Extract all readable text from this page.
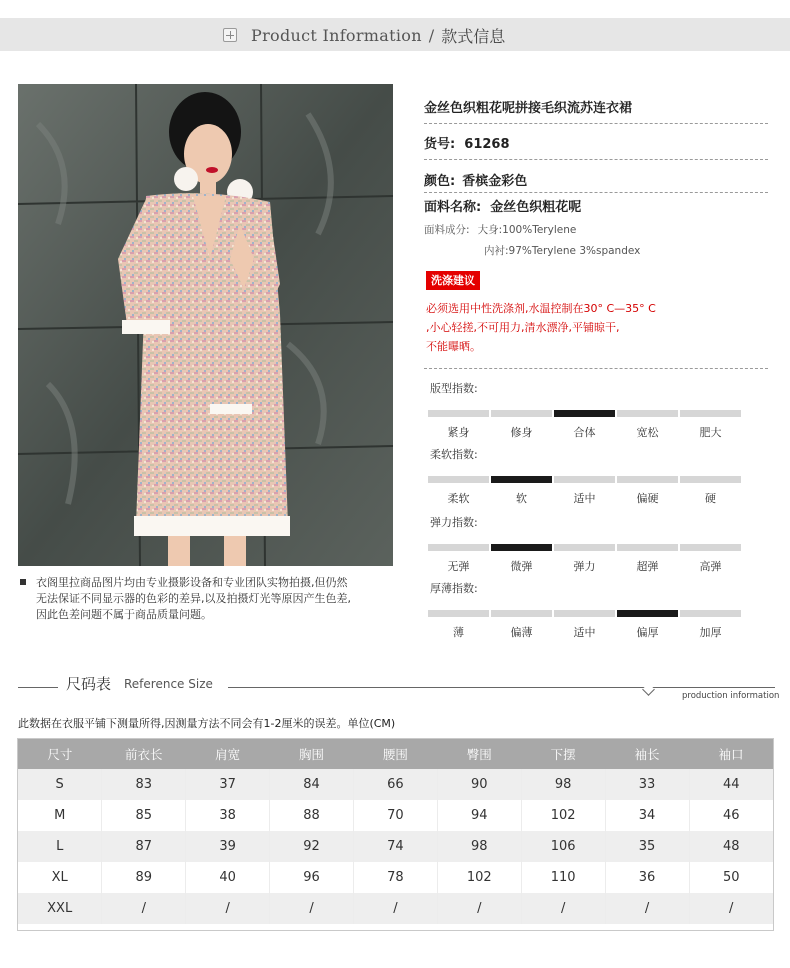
Product Information / 款式信息
衣阁里拉商品图片均由专业摄影设备和专业团队实物拍摄,但仍然
无法保证不同显示器的色彩的差异,以及拍摄灯光等原因产生色差,
因此色差问题不属于商品质量问题。
金丝色织粗花呢拼接毛织流苏连衣裙
货号: 61268
颜色: 香槟金彩色
面料名称: 金丝色织粗花呢
面料成分: 大身:100%Terylene
内衬:97%Terylene 3%spandex
洗涤建议
必须选用中性洗涤剂,水温控制在30° C—35° C
,小心轻搓,不可用力,清水漂净,平铺晾干,
不能曝晒。
版型指数:
紧身	修身	合体	宽松	肥大
柔软指数:
柔软	软	适中	偏硬	硬
弹力指数:
无弹	微弹	弹力	超弹	高弹
厚薄指数:
薄	偏薄	适中	偏厚	加厚
尺码表 Reference Size
production information
此数据在衣服平铺下测量所得,因测量方法不同会有1-2厘米的误差。单位(CM)
尺寸	前衣长	肩宽	胸围	腰围	臀围	下摆	袖长	袖口
S	83	37	84	66	90	98	33	44
M	85	38	88	70	94	102	34	46
L	87	39	92	74	98	106	35	48
XL	89	40	96	78	102	110	36	50
XXL	/	/	/	/	/	/	/	/
